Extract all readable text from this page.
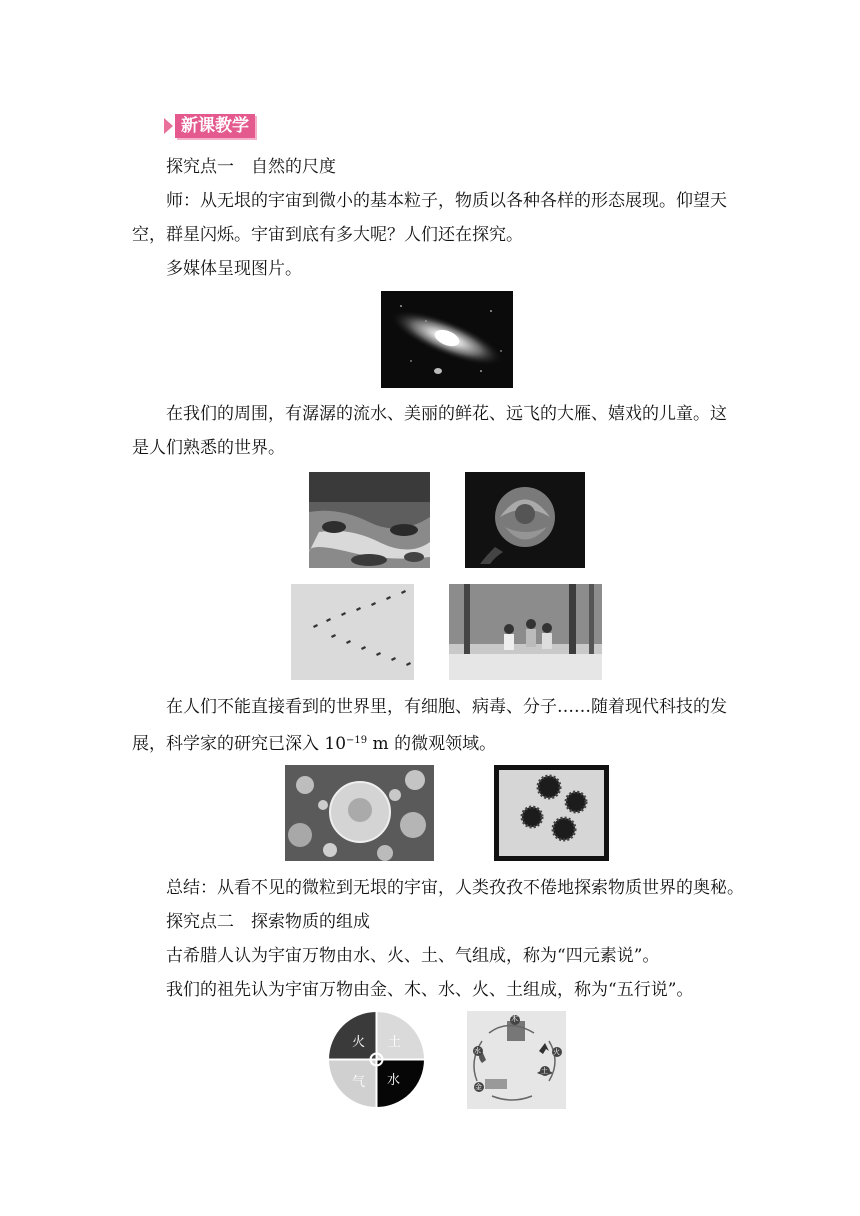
新课教学
探究点一　自然的尺度
师：从无垠的宇宙到微小的基本粒子，物质以各种各样的形态展现。仰望天
空，群星闪烁。宇宙到底有多大呢？人们还在探究。
多媒体呈现图片。
在我们的周围，有潺潺的流水、美丽的鲜花、远飞的大雁、嬉戏的儿童。这
是人们熟悉的世界。
在人们不能直接看到的世界里，有细胞、病毒、分子……随着现代科技的发
展，科学家的研究已深入 $10^{-19}$ m 的微观领域。
总结：从看不见的微粒到无垠的宇宙，人类孜孜不倦地探索物质世界的奥秘。
探究点二　探索物质的组成
古希腊人认为宇宙万物由水、火、土、气组成，称为“四元素说”。
我们的祖先认为宇宙万物由金、木、水、火、土组成，称为“五行说”。
火 土
气 水
木
水	火
土
金
